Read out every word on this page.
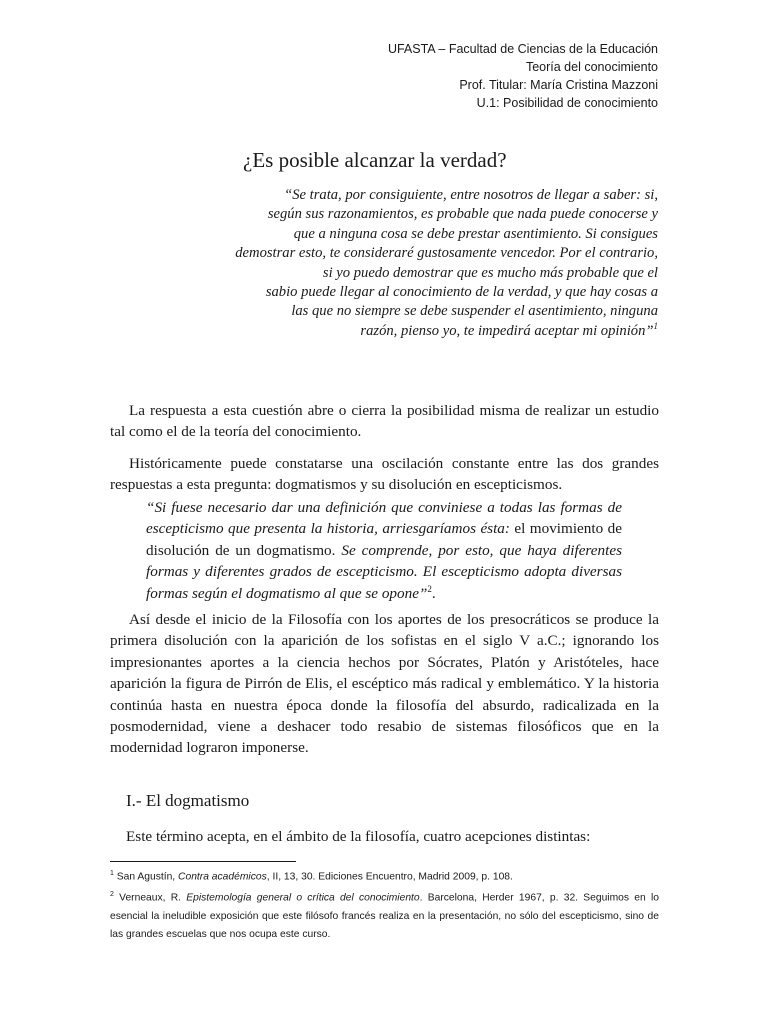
UFASTA – Facultad de Ciencias de la Educación
Teoría del conocimiento
Prof. Titular: María Cristina Mazzoni
U.1: Posibilidad de conocimiento
¿Es posible alcanzar la verdad?
“Se trata, por consiguiente, entre nosotros de llegar a saber: si,
según sus razonamientos, es probable que nada puede conocerse y
que a ninguna cosa se debe prestar asentimiento. Si consigues
demostrar esto, te consideraré gustosamente vencedor. Por el contrario,
si yo puedo demostrar que es mucho más probable que el
sabio puede llegar al conocimiento de la verdad, y que hay cosas a
las que no siempre se debe suspender el asentimiento, ninguna
razón, pienso yo, te impedirá aceptar mi opinión”$^1$

La respuesta a esta cuestión abre o cierra la posibilidad misma de realizar un estudio tal como el de la teoría del conocimiento.

Históricamente puede constatarse una oscilación constante entre las dos grandes respuestas a esta pregunta: dogmatismos y su disolución en escepticismos.

“Si fuese necesario dar una definición que conviniese a todas las formas de escepticismo que presenta la historia, arriesgaríamos ésta: el movimiento de disolución de un dogmatismo. Se comprende, por esto, que haya diferentes formas y diferentes grados de escepticismo. El escepticismo adopta diversas formas según el dogmatismo al que se opone”$^2$.

Así desde el inicio de la Filosofía con los aportes de los presocráticos se produce la primera disolución con la aparición de los sofistas en el siglo V a.C.; ignorando los impresionantes aportes a la ciencia hechos por Sócrates, Platón y Aristóteles, hace aparición la figura de Pirrón de Elis, el escéptico más radical y emblemático. Y la historia continúa hasta en nuestra época donde la filosofía del absurdo, radicalizada en la posmodernidad, viene a deshacer todo resabio de sistemas filosóficos que en la modernidad lograron imponerse.

I.- El dogmatismo

Este término acepta, en el ámbito de la filosofía, cuatro acepciones distintas:

$^1$ San Agustín, Contra académicos, II, 13, 30. Ediciones Encuentro, Madrid 2009, p. 108.

$^2$ Verneaux, R. Epistemología general o crítica del conocimiento. Barcelona, Herder 1967, p. 32. Seguimos en lo esencial la ineludible exposición que este filósofo francés realiza en la presentación, no sólo del escepticismo, sino de las grandes escuelas que nos ocupa este curso.
